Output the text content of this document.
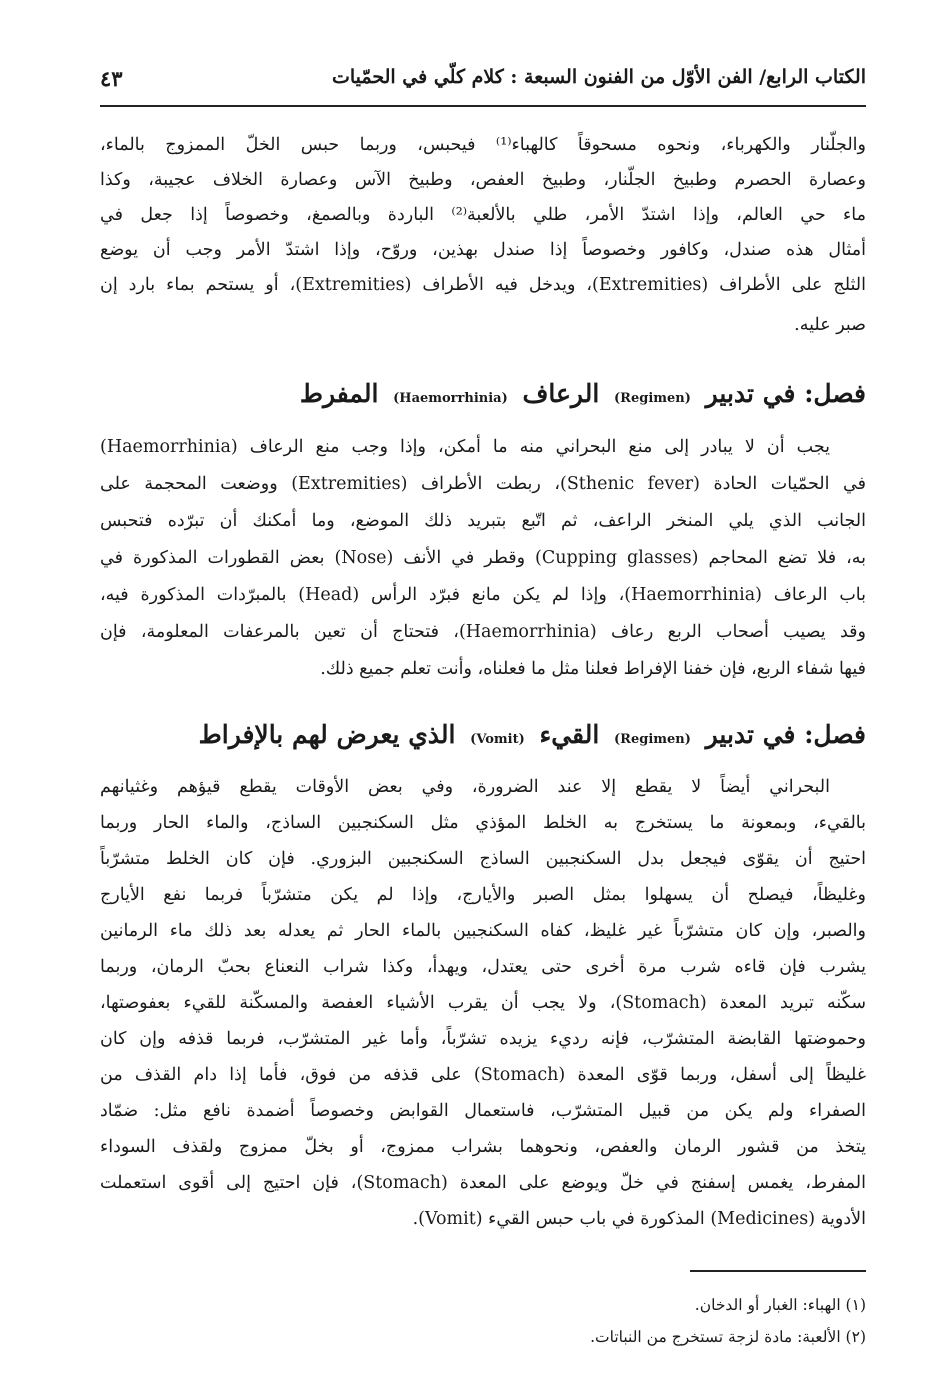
الكتاب الرابع/ الفن الأوّل من الفنون السبعة : كلام كلّي في الحمّيات
٤٣
والجلّنار والكهرباء، ونحوه مسحوقاً كالهباء⁽¹⁾ فيحبس، وربما حبس الخلّ الممزوج بالماء،
وعصارة الحصرم وطبيخ الجلّنار، وطبيخ العفص، وطبيخ الآس وعصارة الخلاف عجيبة، وكذا
ماء حي العالم، وإذا اشتدّ الأمر، طلي بالألعبة⁽²⁾ الباردة وبالصمغ، وخصوصاً إذا جعل في
أمثال هذه صندل، وكافور وخصوصاً إذا صندل بهذين، وروّح، وإذا اشتدّ الأمر وجب أن يوضع
الثلج على الأطراف (Extremities)، ويدخل فيه الأطراف (Extremities)، أو يستحم بماء بارد إن
صبر عليه.
فصل: في تدبير (Regimen) الرعاف (Haemorrhinia) المفرط
يجب أن لا يبادر إلى منع البحراني منه ما أمكن، وإذا وجب منع الرعاف (Haemorrhinia)
في الحمّيات الحادة (Sthenic fever)، ربطت الأطراف (Extremities) ووضعت المحجمة على
الجانب الذي يلي المنخر الراعف، ثم اتّبع بتبريد ذلك الموضع، وما أمكنك أن تبرّده فتحبس
به، فلا تضع المحاجم (Cupping glasses) وقطر في الأنف (Nose) بعض القطورات المذكورة في
باب الرعاف (Haemorrhinia)، وإذا لم يكن مانع فبرّد الرأس (Head) بالمبرّدات المذكورة فيه،
وقد يصيب أصحاب الربع رعاف (Haemorrhinia)، فتحتاج أن تعين بالمرعفات المعلومة، فإن
فيها شفاء الربع، فإن خفنا الإفراط فعلنا مثل ما فعلناه، وأنت تعلم جميع ذلك.
فصل: في تدبير (Regimen) القيء (Vomit) الذي يعرض لهم بالإفراط
البحراني أيضاً لا يقطع إلا عند الضرورة، وفي بعض الأوقات يقطع قيؤهم وغثيانهم
بالقيء، وبمعونة ما يستخرج به الخلط المؤذي مثل السكنجبين الساذج، والماء الحار وربما
احتيج أن يقوّى فيجعل بدل السكنجبين الساذج السكنجبين البزوري. فإن كان الخلط متشرّباً
وغليظاً، فيصلح أن يسهلوا بمثل الصبر والأيارج، وإذا لم يكن متشرّباً فربما نفع الأيارج
والصبر، وإن كان متشرّباً غير غليظ، كفاه السكنجبين بالماء الحار ثم يعدله بعد ذلك ماء الرمانين
يشرب فإن قاءه شرب مرة أخرى حتى يعتدل، ويهدأ، وكذا شراب النعناع بحبّ الرمان، وربما
سكّنه تبريد المعدة (Stomach)، ولا يجب أن يقرب الأشياء العفصة والمسكّنة للقيء بعفوصتها،
وحموضتها القابضة المتشرّب، فإنه رديء يزيده تشرّباً، وأما غير المتشرّب، فربما قذفه وإن كان
غليظاً إلى أسفل، وربما قوّى المعدة (Stomach) على قذفه من فوق، فأما إذا دام القذف من
الصفراء ولم يكن من قبيل المتشرّب، فاستعمال القوابض وخصوصاً أضمدة نافع مثل: ضمّاد
يتخذ من قشور الرمان والعفص، ونحوهما بشراب ممزوج، أو بخلّ ممزوج ولقذف السوداء
المفرط، يغمس إسفنج في خلّ ويوضع على المعدة (Stomach)، فإن احتيج إلى أقوى استعملت
الأدوية (Medicines) المذكورة في باب حبس القيء (Vomit).
(١) الهباء: الغبار أو الدخان.
(٢) الألعبة: مادة لزجة تستخرج من النباتات.
